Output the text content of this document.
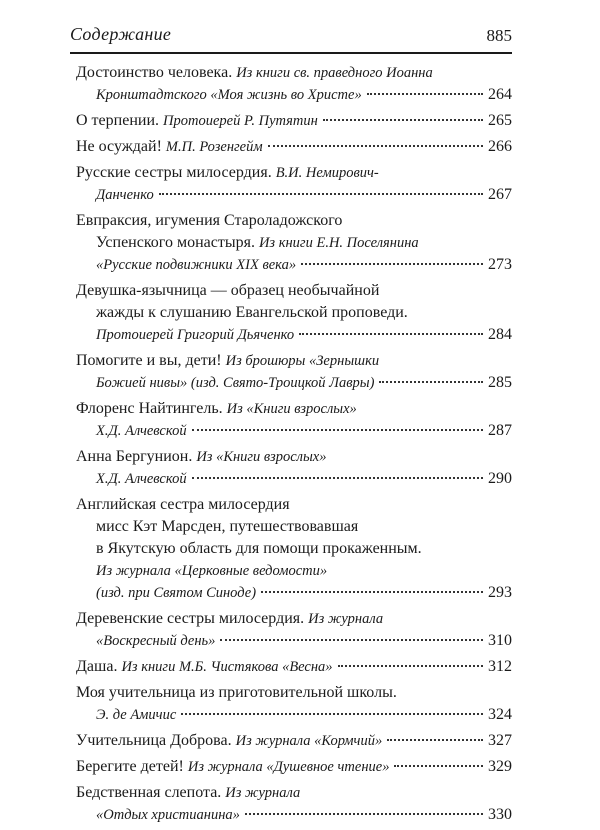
Содержание	885
Достоинство человека. Из книги св. праведного Иоанна
Кронштадтского «Моя жизнь во Христе»	264
О терпении. Протоиерей Р. Путятин	265
Не осуждай! М.П. Розенгейм	266
Русские сестры милосердия. В.И. Немирович-
Данченко	267
Евпраксия, игумения Староладожского
Успенского монастыря. Из книги Е.Н. Поселянина
«Русские подвижники XIX века»	273
Девушка-язычница — образец необычайной
жажды к слушанию Евангельской проповеди.
Протоиерей Григорий Дьяченко	284
Помогите и вы, дети! Из брошюры «Зернышки
Божией нивы» (изд. Свято-Троицкой Лавры)	285
Флоренс Найтингель. Из «Книги взрослых»
Х.Д. Алчевской	287
Анна Бергунион. Из «Книги взрослых»
Х.Д. Алчевской	290
Английская сестра милосердия
мисс Кэт Марсден, путешествовавшая
в Якутскую область для помощи прокаженным.
Из журнала «Церковные ведомости»
(изд. при Святом Синоде)	293
Деревенские сестры милосердия. Из журнала
«Воскресный день»	310
Даша. Из книги М.Б. Чистякова «Весна»	312
Моя учительница из приготовительной школы.
Э. де Амичис	324
Учительница Доброва. Из журнала «Кормчий»	327
Берегите детей! Из журнала «Душевное чтение»	329
Бедственная слепота. Из журнала
«Отдых христианина»	330
